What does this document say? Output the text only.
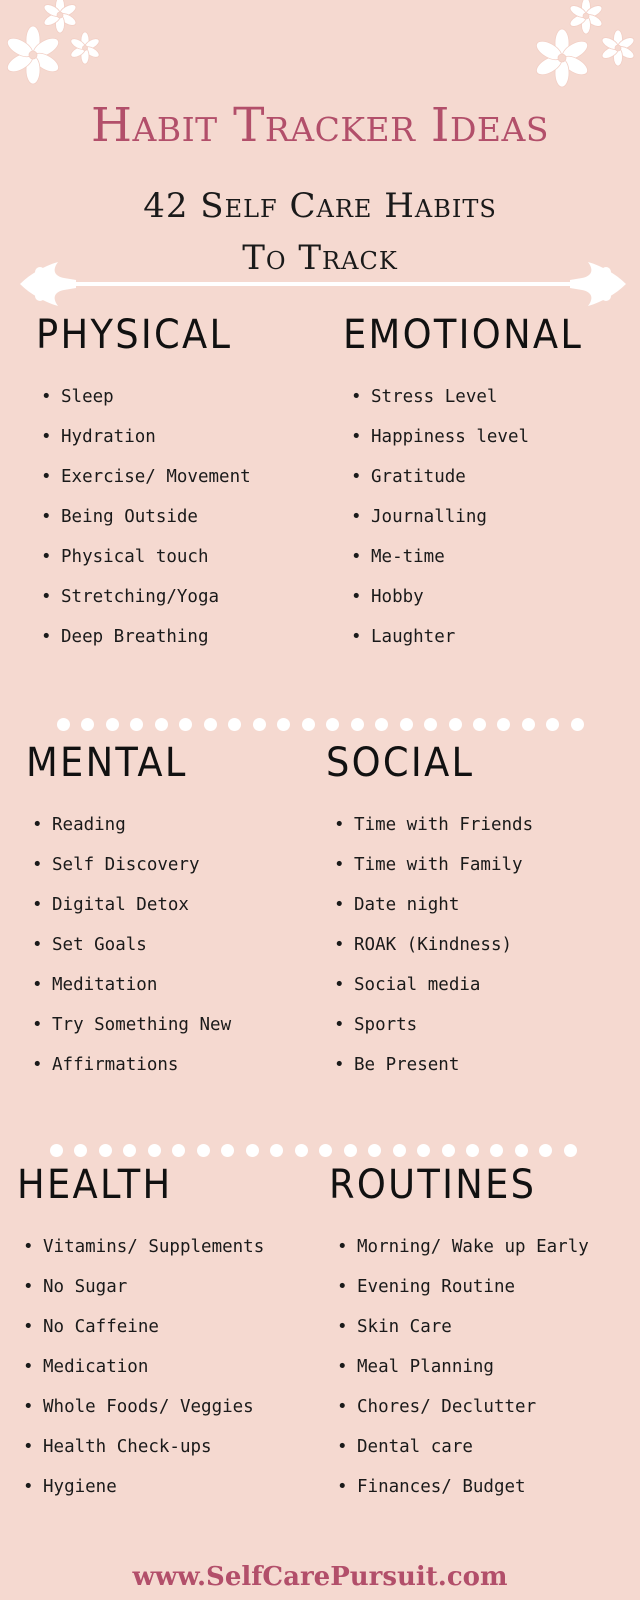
Habit Tracker Ideas
42 Self Care Habits
To Track
PHYSICAL
• Sleep
• Hydration
• Exercise/ Movement
• Being Outside
• Physical touch
• Stretching/Yoga
• Deep Breathing
EMOTIONAL
• Stress Level
• Happiness level
• Gratitude
• Journalling
• Me-time
• Hobby
• Laughter
MENTAL
• Reading
• Self Discovery
• Digital Detox
• Set Goals
• Meditation
• Try Something New
• Affirmations
SOCIAL
• Time with Friends
• Time with Family
• Date night
• ROAK (Kindness)
• Social media
• Sports
• Be Present
HEALTH
• Vitamins/ Supplements
• No Sugar
• No Caffeine
• Medication
• Whole Foods/ Veggies
• Health Check-ups
• Hygiene
ROUTINES
• Morning/ Wake up Early
• Evening Routine
• Skin Care
• Meal Planning
• Chores/ Declutter
• Dental care
• Finances/ Budget
www.SelfCarePursuit.com
